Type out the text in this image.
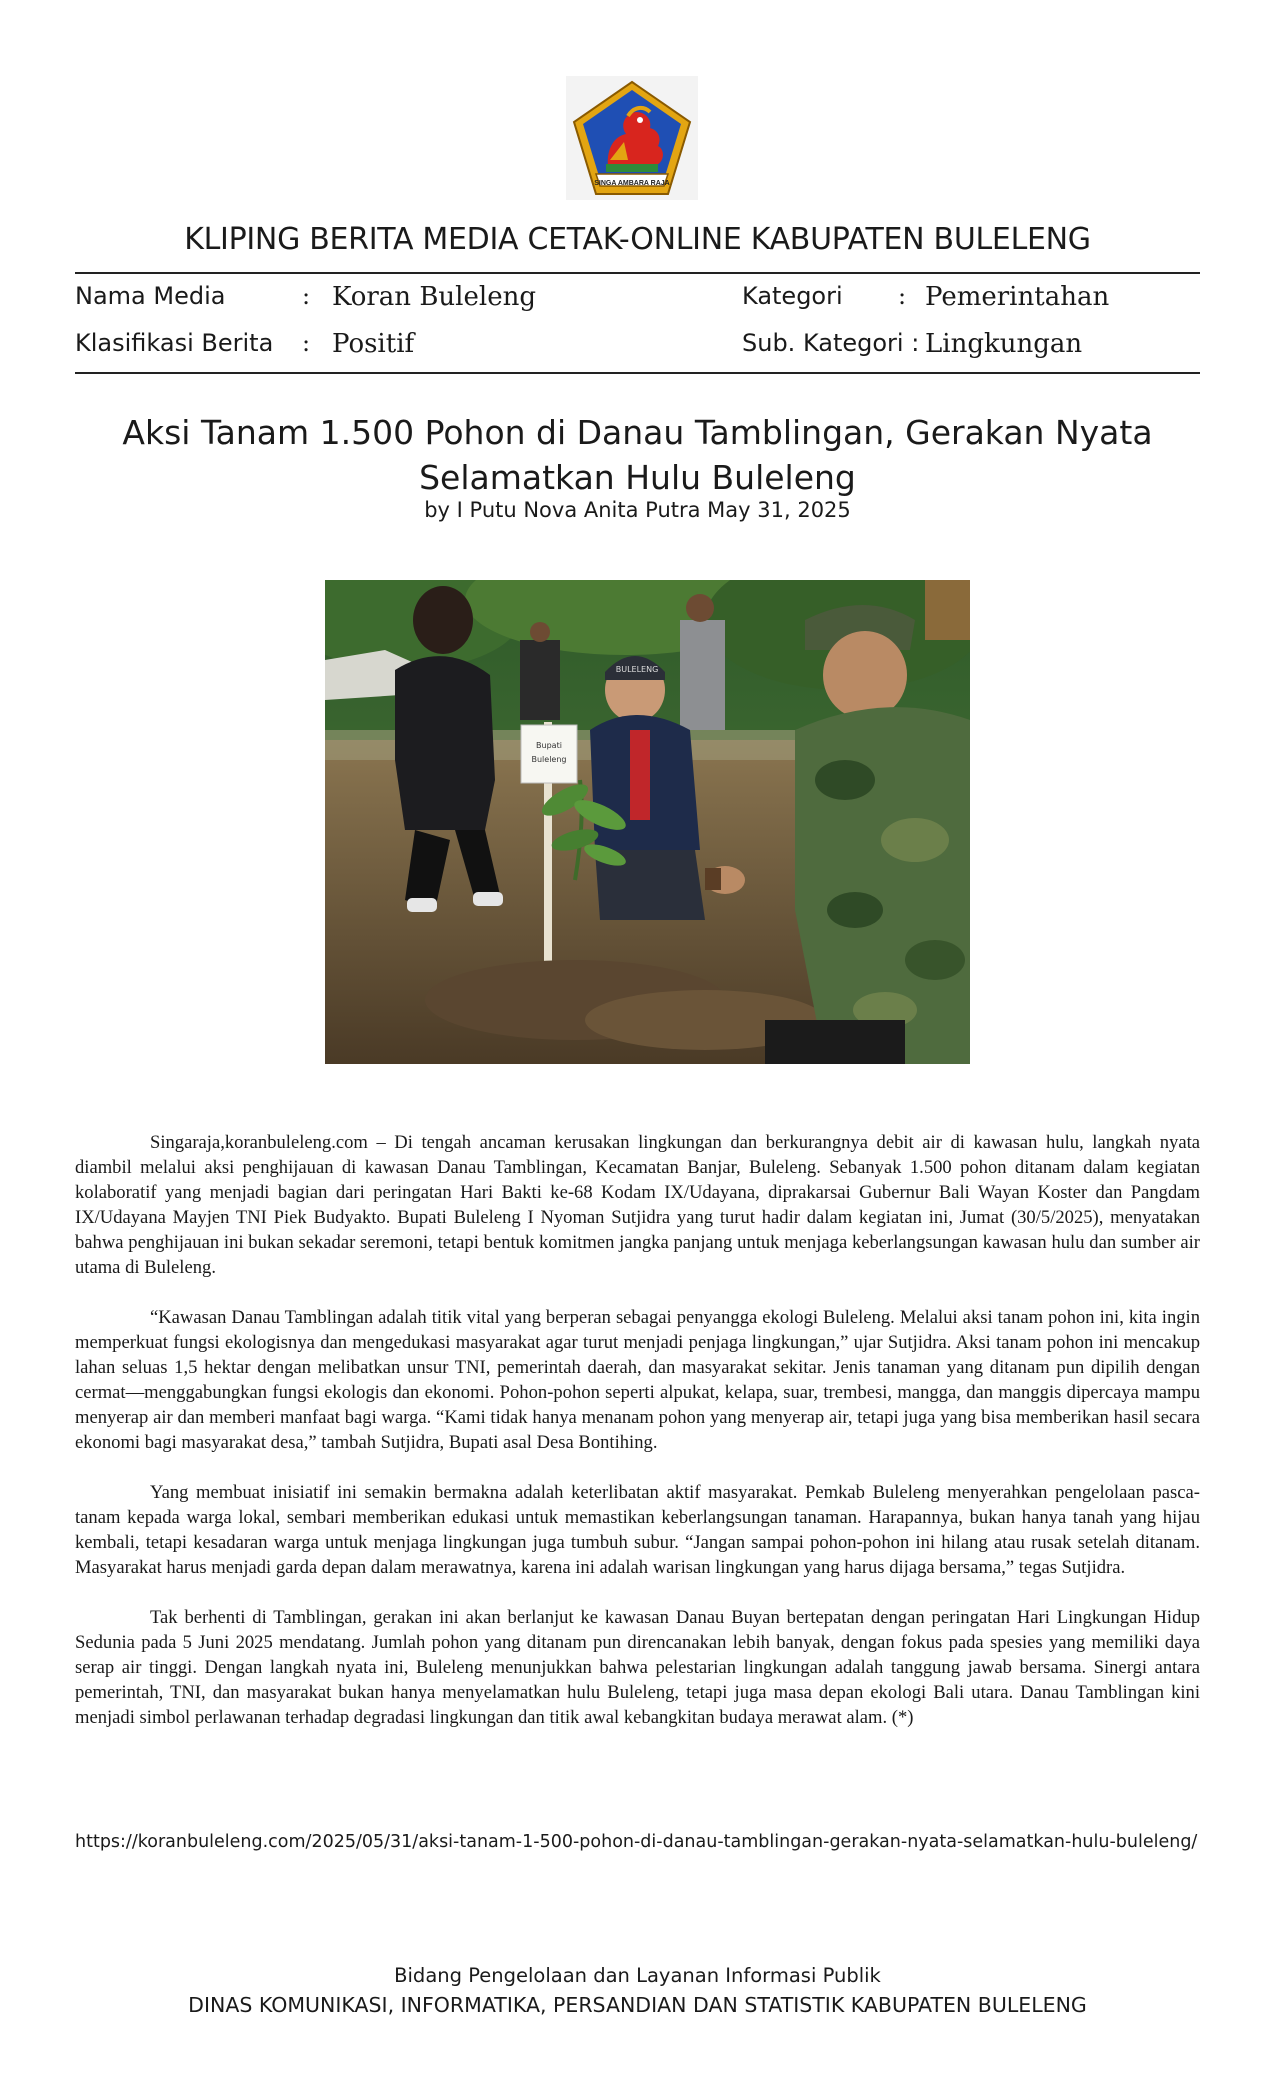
SINGA AMBARA RAJA
KLIPING BERITA MEDIA CETAK-ONLINE KABUPATEN BULELENG
Nama Media	: Koran Buleleng	Kategori : Pemerintahan
Klasifikasi Berita : Positif	Sub. Kategori : Lingkungan
Aksi Tanam 1.500 Pohon di Danau Tamblingan, Gerakan Nyata
Selamatkan Hulu Buleleng
by I Putu Nova Anita Putra May 31, 2025
Bupati
Buleleng
BULELENG

Singaraja,koranbuleleng.com – Di tengah ancaman kerusakan lingkungan dan berkurangnya debit air di kawasan hulu, langkah nyata diambil melalui aksi penghijauan di kawasan Danau Tamblingan, Kecamatan Banjar, Buleleng. Sebanyak 1.500 pohon ditanam dalam kegiatan kolaboratif yang menjadi bagian dari peringatan Hari Bakti ke-68 Kodam IX/Udayana, diprakarsai Gubernur Bali Wayan Koster dan Pangdam IX/Udayana Mayjen TNI Piek Budyakto. Bupati Buleleng I Nyoman Sutjidra yang turut hadir dalam kegiatan ini, Jumat (30/5/2025), menyatakan bahwa penghijauan ini bukan sekadar seremoni, tetapi bentuk komitmen jangka panjang untuk menjaga keberlangsungan kawasan hulu dan sumber air utama di Buleleng.

“Kawasan Danau Tamblingan adalah titik vital yang berperan sebagai penyangga ekologi Buleleng. Melalui aksi tanam pohon ini, kita ingin memperkuat fungsi ekologisnya dan mengedukasi masyarakat agar turut menjadi penjaga lingkungan,” ujar Sutjidra. Aksi tanam pohon ini mencakup lahan seluas 1,5 hektar dengan melibatkan unsur TNI, pemerintah daerah, dan masyarakat sekitar. Jenis tanaman yang ditanam pun dipilih dengan cermat—menggabungkan fungsi ekologis dan ekonomi. Pohon-pohon seperti alpukat, kelapa, suar, trembesi, mangga, dan manggis dipercaya mampu menyerap air dan memberi manfaat bagi warga. “Kami tidak hanya menanam pohon yang menyerap air, tetapi juga yang bisa memberikan hasil secara ekonomi bagi masyarakat desa,” tambah Sutjidra, Bupati asal Desa Bontihing.

Yang membuat inisiatif ini semakin bermakna adalah keterlibatan aktif masyarakat. Pemkab Buleleng menyerahkan pengelolaan pasca-tanam kepada warga lokal, sembari memberikan edukasi untuk memastikan keberlangsungan tanaman. Harapannya, bukan hanya tanah yang hijau kembali, tetapi kesadaran warga untuk menjaga lingkungan juga tumbuh subur. “Jangan sampai pohon-pohon ini hilang atau rusak setelah ditanam. Masyarakat harus menjadi garda depan dalam merawatnya, karena ini adalah warisan lingkungan yang harus dijaga bersama,” tegas Sutjidra.

Tak berhenti di Tamblingan, gerakan ini akan berlanjut ke kawasan Danau Buyan bertepatan dengan peringatan Hari Lingkungan Hidup Sedunia pada 5 Juni 2025 mendatang. Jumlah pohon yang ditanam pun direncanakan lebih banyak, dengan fokus pada spesies yang memiliki daya serap air tinggi. Dengan langkah nyata ini, Buleleng menunjukkan bahwa pelestarian lingkungan adalah tanggung jawab bersama. Sinergi antara pemerintah, TNI, dan masyarakat bukan hanya menyelamatkan hulu Buleleng, tetapi juga masa depan ekologi Bali utara. Danau Tamblingan kini menjadi simbol perlawanan terhadap degradasi lingkungan dan titik awal kebangkitan budaya merawat alam. (*)

https://koranbuleleng.com/2025/05/31/aksi-tanam-1-500-pohon-di-danau-tamblingan-gerakan-nyata-selamatkan-hulu-buleleng/
Bidang Pengelolaan dan Layanan Informasi Publik
DINAS KOMUNIKASI, INFORMATIKA, PERSANDIAN DAN STATISTIK KABUPATEN BULELENG
